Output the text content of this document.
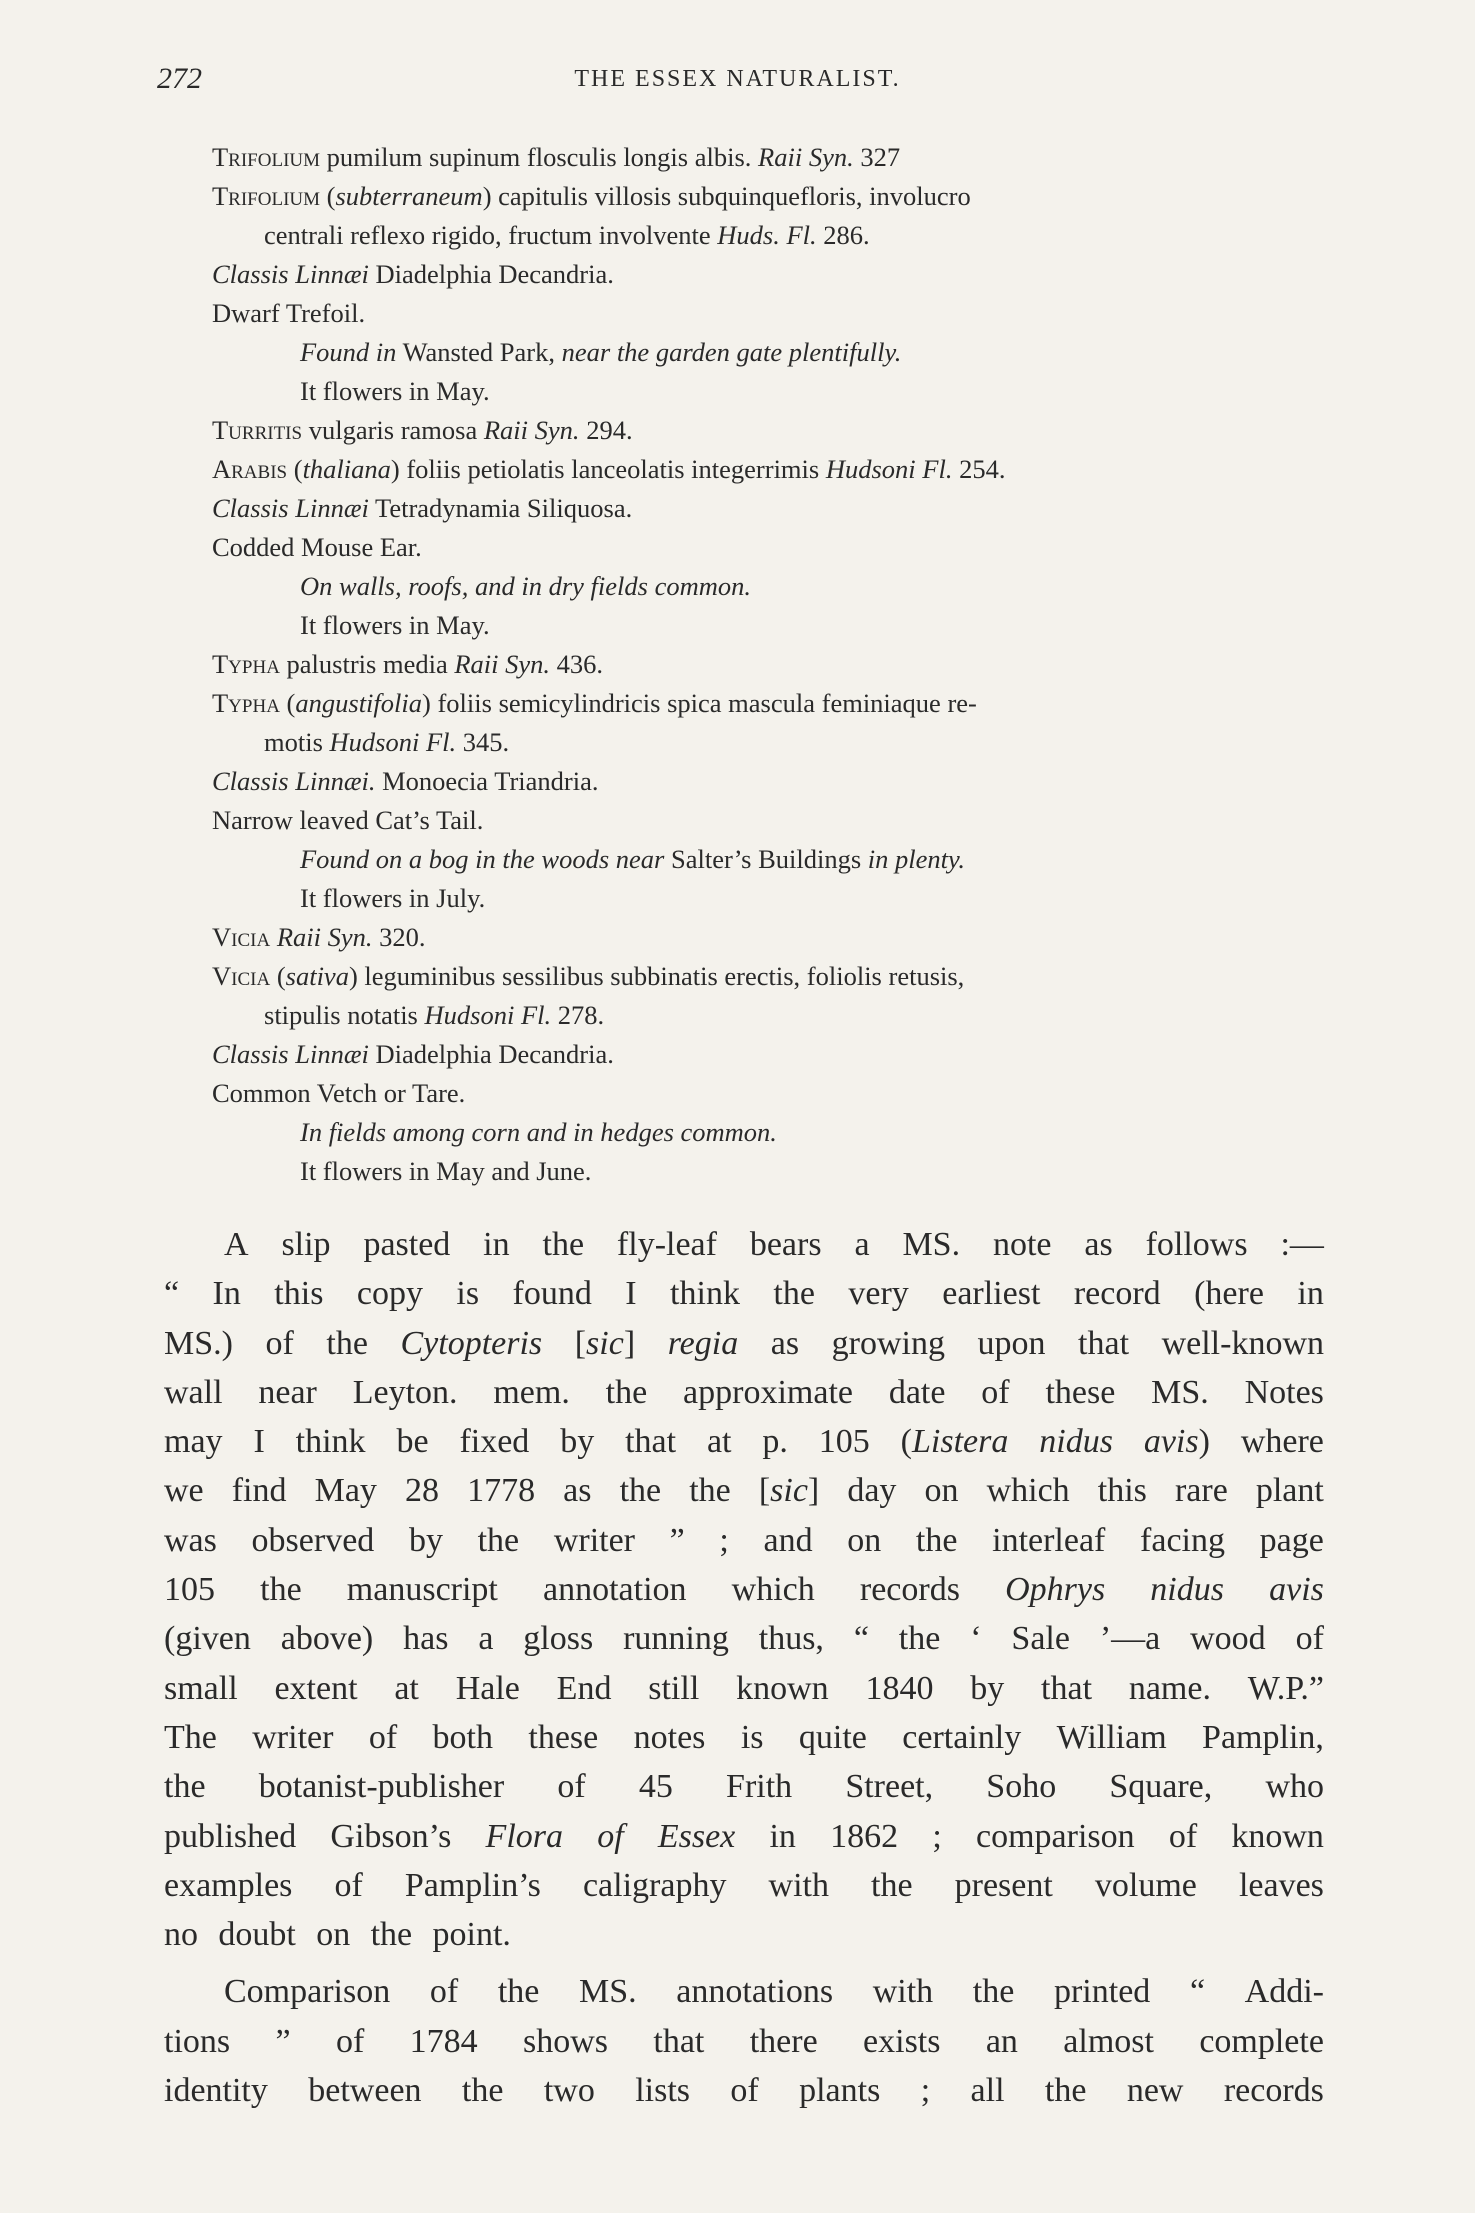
272	THE ESSEX NATURALIST.
Trifolium pumilum supinum flosculis longis albis. Raii Syn. 327
Trifolium (subterraneum) capitulis villosis subquinquefloris, involucro
centrali reflexo rigido, fructum involvente Huds. Fl. 286.
Classis Linnæi Diadelphia Decandria.
Dwarf Trefoil.
Found in Wansted Park, near the garden gate plentifully.
It flowers in May.
Turritis vulgaris ramosa Raii Syn. 294.
Arabis (thaliana) foliis petiolatis lanceolatis integerrimis Hudsoni Fl. 254.
Classis Linnæi Tetradynamia Siliquosa.
Codded Mouse Ear.
On walls, roofs, and in dry fields common.
It flowers in May.
Typha palustris media Raii Syn. 436.
Typha (angustifolia) foliis semicylindricis spica mascula feminiaque re-
motis Hudsoni Fl. 345.
Classis Linnæi. Monoecia Triandria.
Narrow leaved Cat’s Tail.
Found on a bog in the woods near Salter’s Buildings in plenty.
It flowers in July.
Vicia Raii Syn. 320.
Vicia (sativa) leguminibus sessilibus subbinatis erectis, foliolis retusis,
stipulis notatis Hudsoni Fl. 278.
Classis Linnæi Diadelphia Decandria.
Common Vetch or Tare.
In fields among corn and in hedges common.
It flowers in May and June.
A slip pasted in the fly-leaf bears a MS. note as follows :—
“ In this copy is found I think the very earliest record (here in
MS.) of the Cytopteris [sic] regia as growing upon that well-known
wall near Leyton. mem. the approximate date of these MS. Notes
may I think be fixed by that at p. 105 (Listera nidus avis) where
we find May 28 1778 as the the [sic] day on which this rare plant
was observed by the writer ” ; and on the interleaf facing page
105 the manuscript annotation which records Ophrys nidus avis
(given above) has a gloss running thus, “ the ‘ Sale ’—a wood of
small extent at Hale End still known 1840 by that name. W.P.”
The writer of both these notes is quite certainly William Pamplin,
the botanist-publisher of 45 Frith Street, Soho Square, who
published Gibson’s Flora of Essex in 1862 ; comparison of known
examples of Pamplin’s caligraphy with the present volume leaves
no doubt on the point.
Comparison of the MS. annotations with the printed “ Addi-
tions ” of 1784 shows that there exists an almost complete
identity between the two lists of plants ; all the new records
